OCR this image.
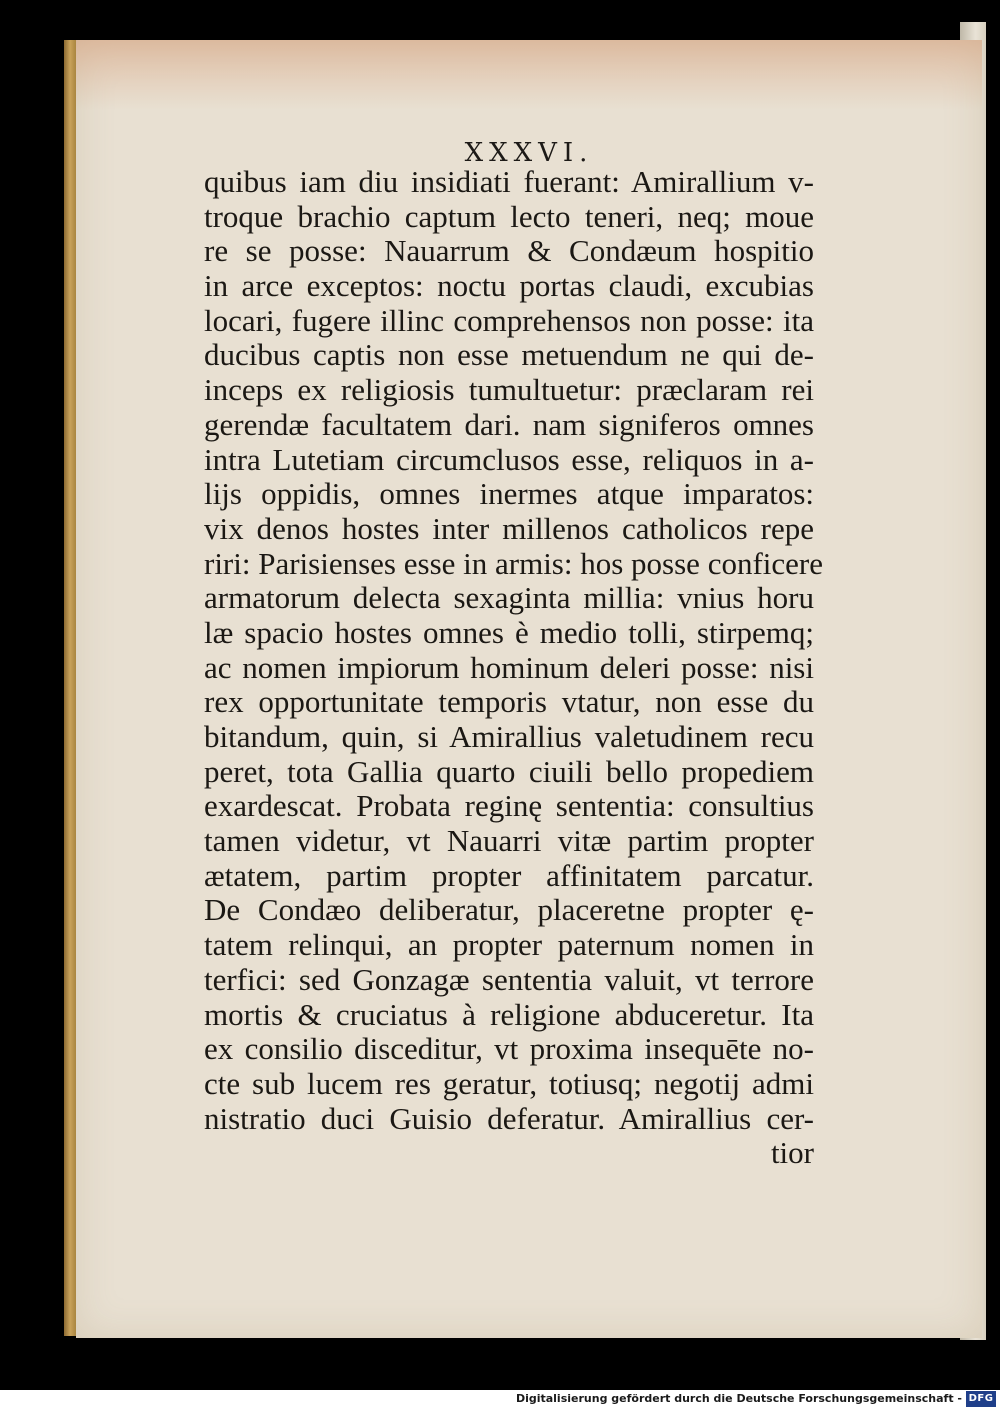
XXXVI.
quibus iam diu insidiati fuerant: Amirallium v-
troque brachio captum lecto teneri, neq; moue
re se posse: Nauarrum & Condæum hospitio
in arce exceptos: noctu portas claudi, excubias
locari, fugere illinc comprehensos non posse: ita
ducibus captis non esse metuendum ne qui de-
inceps ex religiosis tumultuetur: præclaram rei
gerendæ facultatem dari. nam signiferos omnes
intra Lutetiam circumclusos esse, reliquos in a-
lijs oppidis, omnes inermes atque imparatos:
vix denos hostes inter millenos catholicos repe
riri: Parisienses esse in armis: hos posse conficere
armatorum delecta sexaginta millia: vnius horu
læ spacio hostes omnes è medio tolli, stirpemq;
ac nomen impiorum hominum deleri posse: nisi
rex opportunitate temporis vtatur, non esse du
bitandum, quin, si Amirallius valetudinem recu
peret, tota Gallia quarto ciuili bello propediem
exardescat. Probata reginę sententia: consultius
tamen videtur, vt Nauarri vitæ partim propter
ætatem, partim propter affinitatem parcatur.
De Condæo deliberatur, placeretne propter ę-
tatem relinqui, an propter paternum nomen in
terfici: sed Gonzagæ sententia valuit, vt terrore
mortis & cruciatus à religione abduceretur. Ita
ex consilio disceditur, vt proxima insequēte no-
cte sub lucem res geratur, totiusq; negotij admi
nistratio duci Guisio deferatur. Amirallius cer-
tior
Digitalisierung gefördert durch die Deutsche Forschungsgemeinschaft - DFG
